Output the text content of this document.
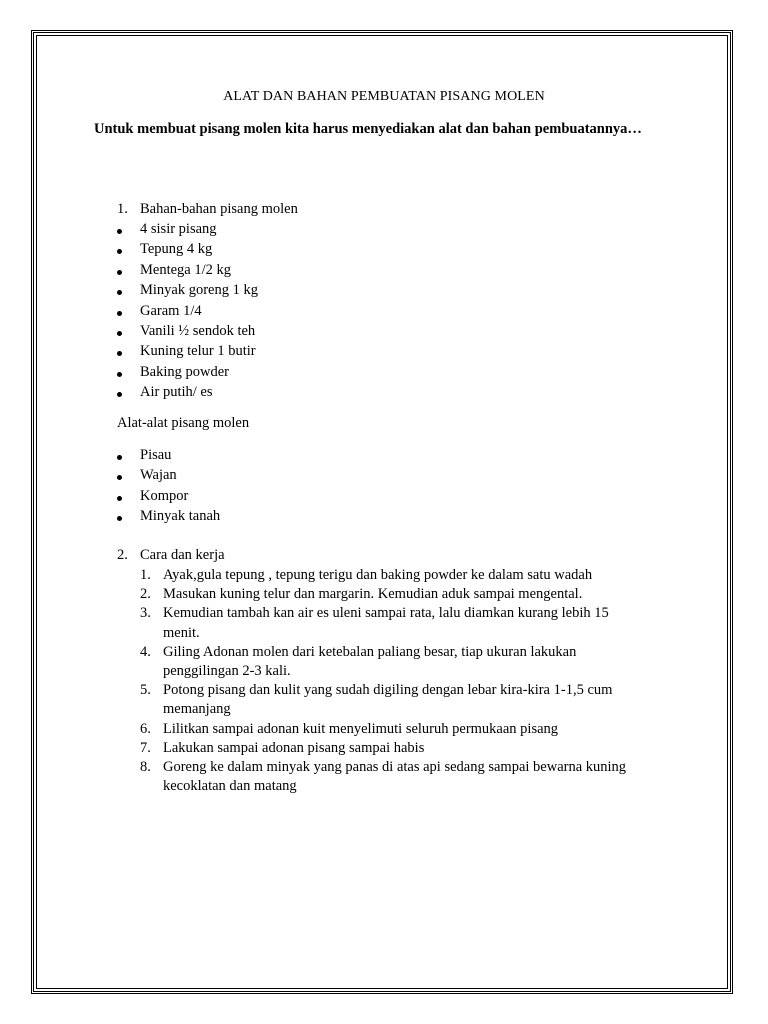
ALAT DAN BAHAN PEMBUATAN PISANG MOLEN
Untuk membuat pisang molen kita harus menyediakan alat dan bahan pembuatannya…
1. Bahan-bahan pisang molen
4 sisir pisang
Tepung 4 kg
Mentega 1/2 kg
Minyak goreng 1 kg
Garam 1/4
Vanili ½ sendok teh
Kuning telur 1 butir
Baking powder
Air putih/ es
Alat-alat pisang molen
Pisau
Wajan
Kompor
Minyak tanah
2. Cara dan kerja
1. Ayak,gula tepung , tepung terigu dan baking powder ke dalam satu wadah
2. Masukan kuning telur dan margarin. Kemudian aduk sampai mengental.
3. Kemudian tambah kan air es uleni sampai rata, lalu diamkan kurang lebih 15
menit.
4. Giling Adonan molen dari ketebalan paliang besar, tiap ukuran lakukan
penggilingan 2-3 kali.
5. Potong pisang dan kulit yang sudah digiling dengan lebar kira-kira 1-1,5 cum
memanjang
6. Lilitkan sampai adonan kuit menyelimuti seluruh permukaan pisang
7. Lakukan sampai adonan pisang sampai habis
8. Goreng ke dalam minyak yang panas di atas api sedang sampai bewarna kuning
kecoklatan dan matang
